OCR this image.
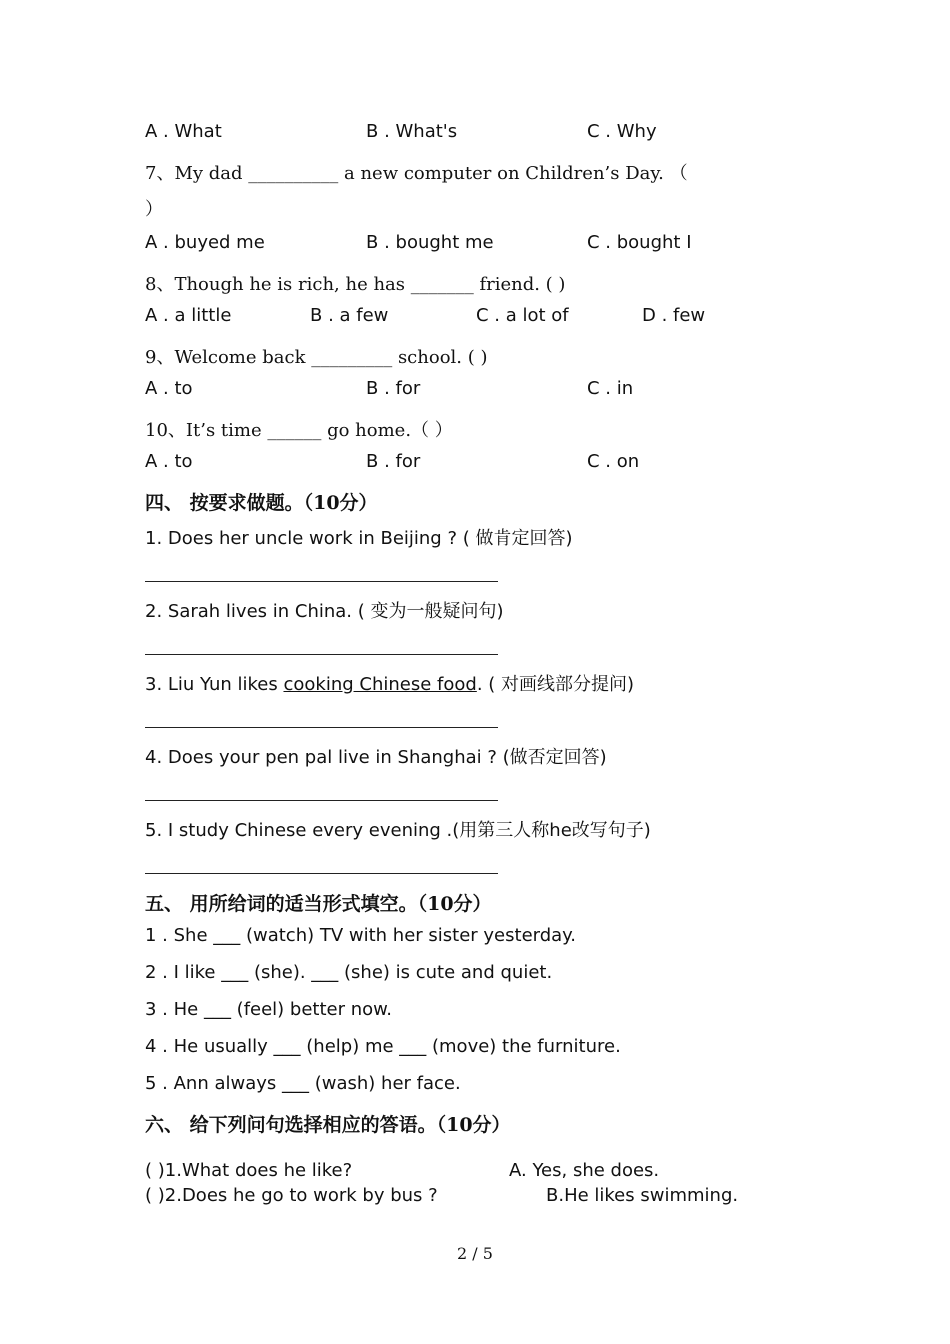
A . What	B . What's	C . Why
7、My dad __________ a new computer on Children’s Day. （
）
A . buyed me	B . bought me	C . bought I
8、Though he is rich, he has _______ friend. ( )
A . a little	B . a few	C . a lot of	D . few
9、Welcome back _________ school. ( )
A . to	B . for	C . in
10、It’s time ______ go home.（ ）
A . to	B . for	C . on
四、 按要求做题。（10分）
1. Does her uncle work in Beijing ? ( 做肯定回答)
2. Sarah lives in China. ( 变为一般疑问句)
3. Liu Yun likes cooking Chinese food. ( 对画线部分提问)
4. Does your pen pal live in Shanghai ? (做否定回答)
5. I study Chinese every evening .(用第三人称he改写句子)
五、 用所给词的适当形式填空。（10分）
1 . She ___ (watch) TV with her sister yesterday.
2 . I like ___ (she). ___ (she) is cute and quiet.
3 . He ___ (feel) better now.
4 . He usually ___ (help) me ___ (move) the furniture.
5 . Ann always ___ (wash) her face.
六、 给下列问句选择相应的答语。（10分）
( )1.What does he like?	A. Yes, she does.
( )2.Does he go to work by bus ?	B.He likes swimming.
2 / 5
